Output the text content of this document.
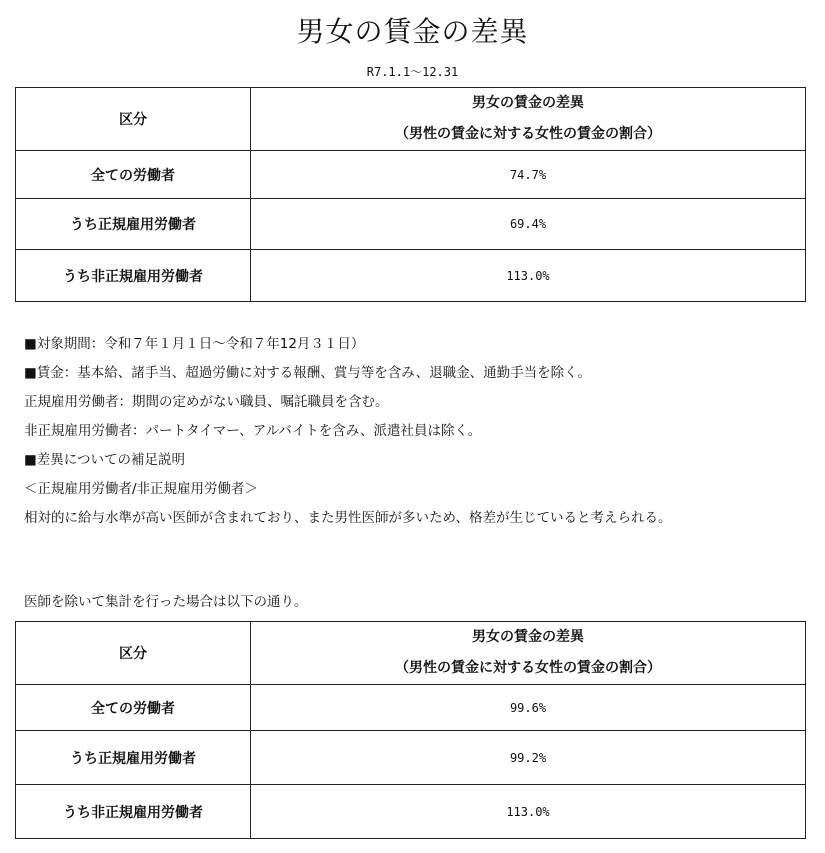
男女の賃金の差異
R7.1.1～12.31
区分	男女の賃金の差異
（男性の賃金に対する女性の賃金の割合）

全ての労働者	74.7%
うち正規雇用労働者	69.4%
うち非正規雇用労働者	113.0%
■対象期間：令和７年１月１日～令和７年12月３１日）
■賃金：基本給、諸手当、超過労働に対する報酬、賞与等を含み、退職金、通勤手当を除く。
正規雇用労働者：期間の定めがない職員、嘱託職員を含む。
非正規雇用労働者：パートタイマー、アルバイトを含み、派遣社員は除く。
■差異についての補足説明
＜正規雇用労働者/非正規雇用労働者＞
相対的に給与水準が高い医師が含まれており、また男性医師が多いため、格差が生じていると考えられる。
医師を除いて集計を行った場合は以下の通り。
区分	男女の賃金の差異
（男性の賃金に対する女性の賃金の割合）

全ての労働者	99.6%
うち正規雇用労働者	99.2%
うち非正規雇用労働者	113.0%
